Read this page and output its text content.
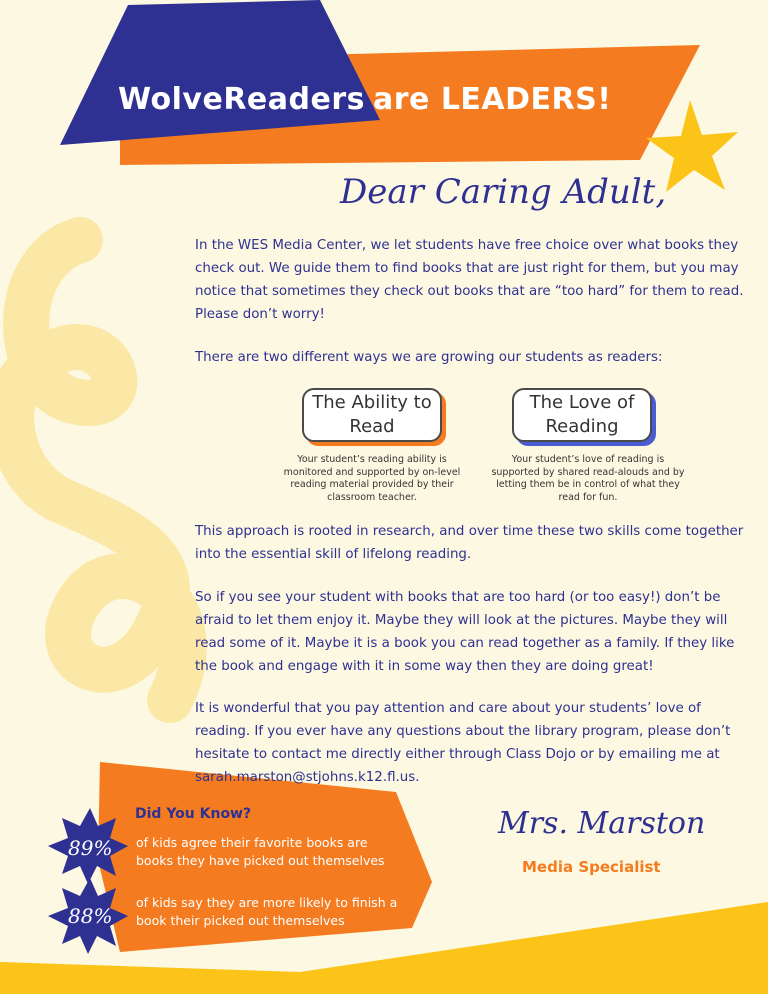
WolveReaders are LEADERS!
Dear Caring Adult,

In the WES Media Center, we let students have free choice over what books they check out. We guide them to find books that are just right for them, but you may notice that sometimes they check out books that are “too hard” for them to read. Please don’t worry!

There are two different ways we are growing our students as readers:

The Ability to Read
The Love of Reading
Your student’s reading ability is monitored and supported by on-level reading material provided by their classroom teacher.
Your student’s love of reading is supported by shared read-alouds and by letting them be in control of what they read for fun.

This approach is rooted in research, and over time these two skills come together into the essential skill of lifelong reading.

So if you see your student with books that are too hard (or too easy!) don’t be afraid to let them enjoy it. Maybe they will look at the pictures. Maybe they will read some of it. Maybe it is a book you can read together as a family. If they like the book and engage with it in some way then they are doing great!

It is wonderful that you pay attention and care about your students’ love of reading. If you ever have any questions about the library program, please don’t hesitate to contact me directly either through Class Dojo or by emailing me at sarah.marston@stjohns.k12.fl.us.

Did You Know?
89% of kids agree their favorite books are books they have picked out themselves
88%
of kids say they are more likely to finish a book their picked out themselves
Mrs. Marston
Media Specialist
